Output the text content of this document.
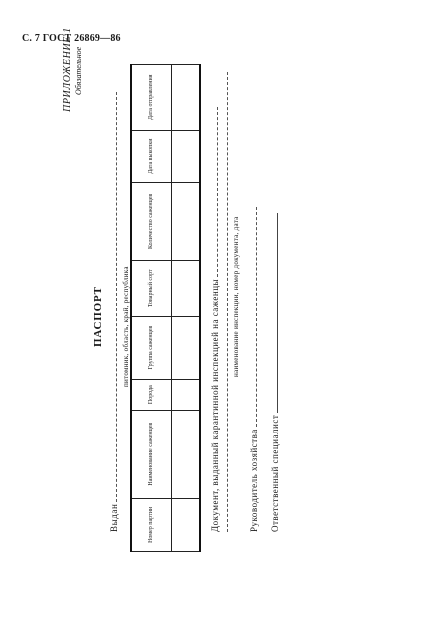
С. 7 ГОСТ 26869—86
ПРИЛОЖЕНИЕ 1 Обязательное
ПАСПОРТ
Выдан
питомник, область, край, республика
Номер партии	Наименование саженцев	Порода	Группа саженцев	Товарный сорт	Количество саженцев	Дата выкопки	Дата отправления

Документ, выданный карантинной инспекцией на саженцы наименование инспекции, номер документа, дата
Руководитель хозяйства Ответственный специалист
